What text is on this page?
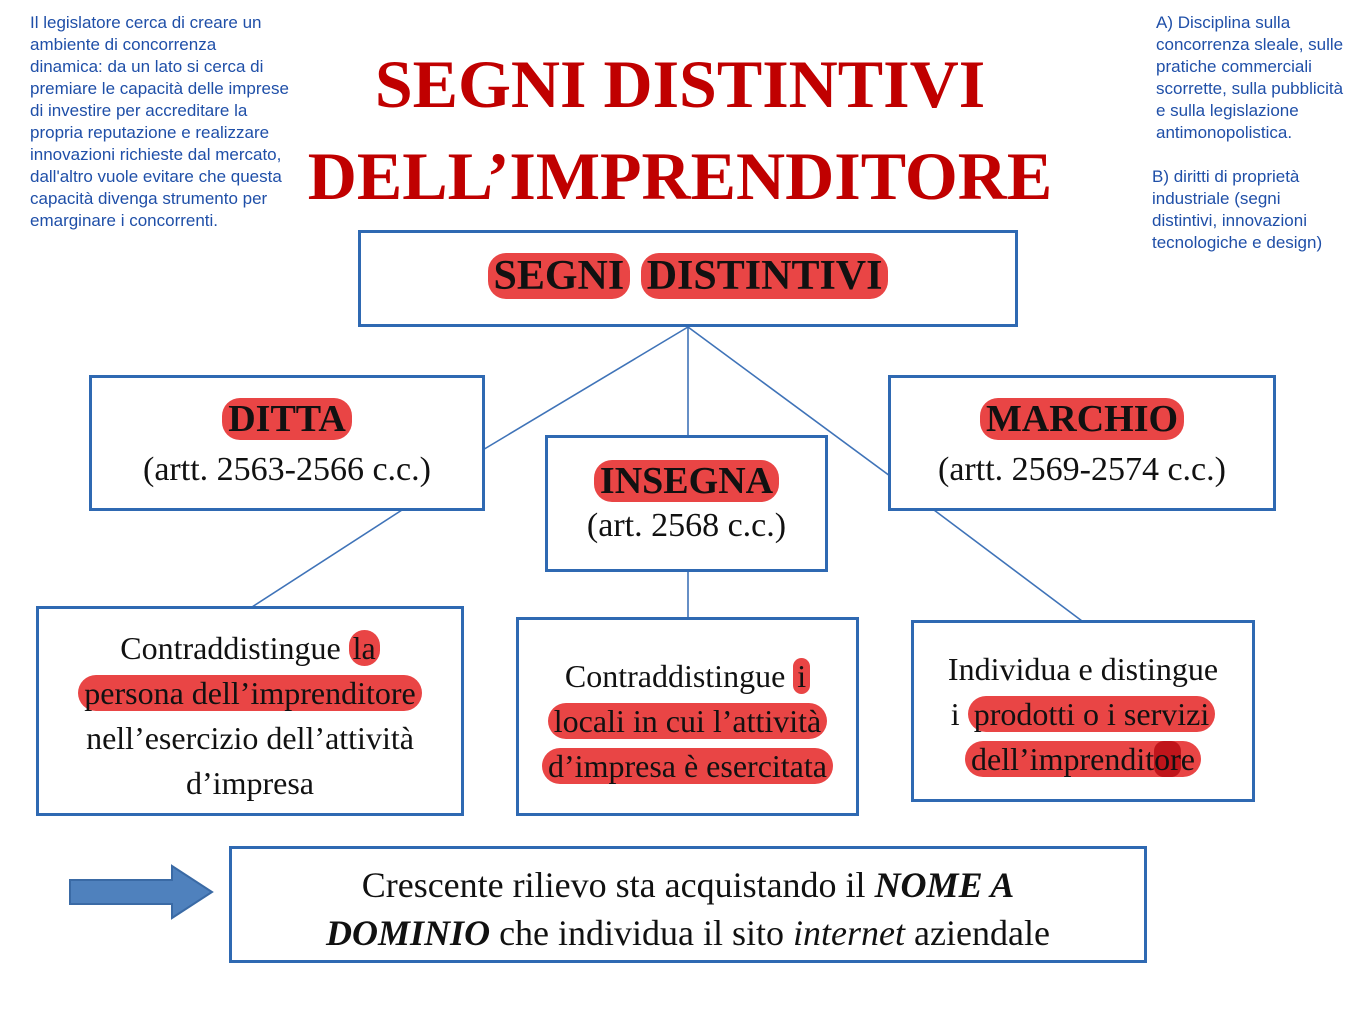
Il legislatore cerca di creare un ambiente di concorrenza dinamica: da un lato si cerca di premiare le capacità delle imprese di investire per accreditare la propria reputazione e realizzare innovazioni richieste dal mercato, dall'altro vuole evitare che questa capacità divenga strumento per emarginare i concorrenti.

A) Disciplina sulla concorrenza sleale, sulle pratiche commerciali scorrette, sulla pubblicità e sulla legislazione antimonopolistica.

B) diritti di proprietà industriale (segni distintivi, innovazioni tecnologiche e design)

SEGNI DISTINTIVI
DELL’IMPRENDITORE
SEGNI DISTINTIVI
DITTA
(artt. 2563-2566 c.c.)	INSEGNA
(art. 2568 c.c.)
MARCHIO
(artt. 2569-2574 c.c.)
Contraddistingue la
persona dell’imprenditore
nell’esercizio dell’attività
d’impresa
Contraddistingue i
locali in cui l’attività
d’impresa è esercitata
Individua e distingue
i prodotti o i servizi
dell’imprenditore
Crescente rilievo sta acquistando il NOME A
DOMINIO che individua il sito internet aziendale
